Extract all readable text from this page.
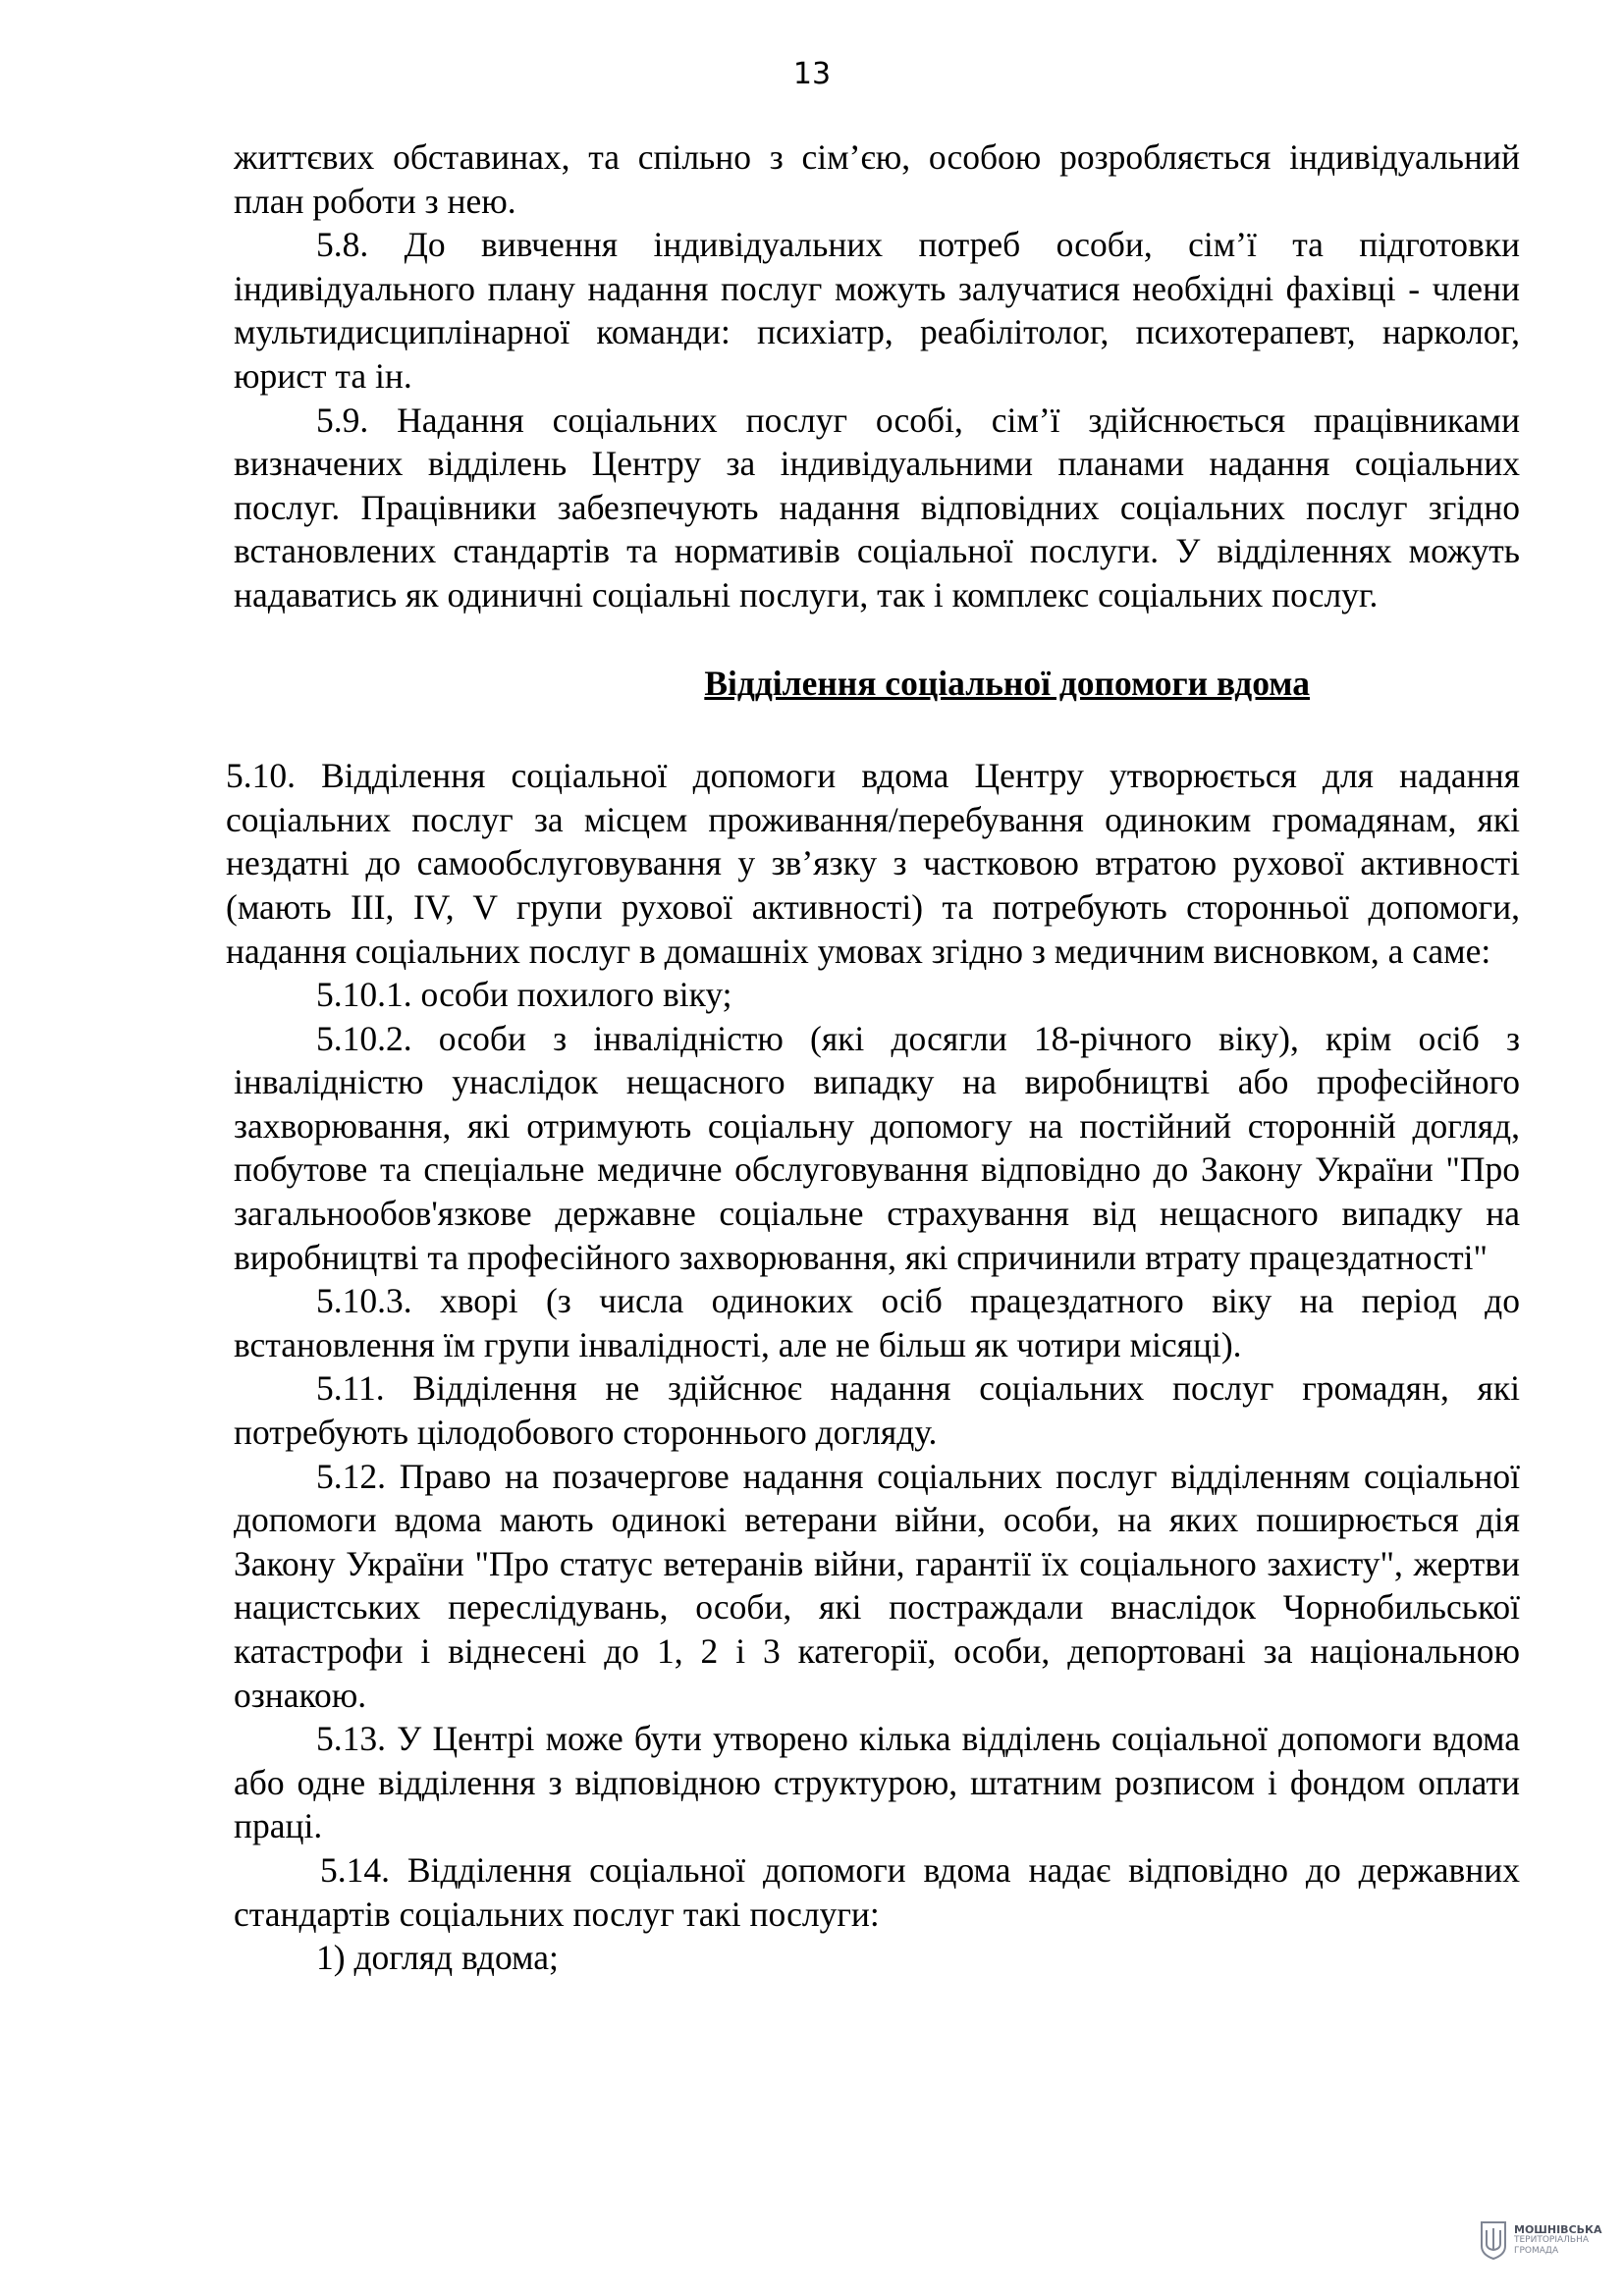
13

життєвих обставинах, та спільно з сім’єю, особою розробляється індивідуальний план роботи з нею.

5.8. До вивчення індивідуальних потреб особи, сім’ї та підготовки індивідуального плану надання послуг можуть залучатися необхідні фахівці - члени мультидисциплінарної команди: психіатр, реабілітолог, психотерапевт, нарколог, юрист та ін.

5.9. Надання соціальних послуг особі, сім’ї здійснюється працівниками визначених відділень Центру за індивідуальними планами надання соціальних послуг. Працівники забезпечують надання відповідних соціальних послуг згідно встановлених стандартів та нормативів соціальної послуги. У відділеннях можуть надаватись як одиничні соціальні послуги, так і комплекс соціальних послуг.

Відділення соціальної допомоги вдома

5.10. Відділення соціальної допомоги вдома Центру утворюється для надання соціальних послуг за місцем проживання/перебування одиноким громадянам, які нездатні до самообслуговування у зв’язку з частковою втратою рухової активності (мають III, IV, V групи рухової активності) та потребують сторонньої допомоги, надання соціальних послуг в домашніх умовах згідно з медичним висновком, а саме:

5.10.1. особи похилого віку;

5.10.2. особи з інвалідністю (які досягли 18-річного віку), крім осіб з інвалідністю унаслідок нещасного випадку на виробництві або професійного захворювання, які отримують соціальну допомогу на постійний сторонній догляд, побутове та спеціальне медичне обслуговування відповідно до Закону України "Про загальнообов'язкове державне соціальне страхування від нещасного випадку на виробництві та професійного захворювання, які спричинили втрату працездатності"

5.10.3. хворі (з числа одиноких осіб працездатного віку на період до встановлення їм групи інвалідності, але не більш як чотири місяці).

5.11. Відділення не здійснює надання соціальних послуг громадян, які потребують цілодобового стороннього догляду.

5.12. Право на позачергове надання соціальних послуг відділенням соціальної допомоги вдома мають одинокі ветерани війни, особи, на яких поширюється дія Закону України "Про статус ветеранів війни, гарантії їх соціального захисту", жертви нацистських переслідувань, особи, які постраждали внаслідок Чорнобильської катастрофи і віднесені до 1, 2 і 3 категорії, особи, депортовані за національною ознакою.

5.13. У Центрі може бути утворено кілька відділень соціальної допомоги вдома або одне відділення з відповідною структурою, штатним розписом і фондом оплати праці.

5.14. Відділення соціальної допомоги вдома надає відповідно до державних стандартів соціальних послуг такі послуги:

1) догляд вдома;

МОШНІВСЬКА
ТЕРИТОРІАЛЬНА
ГРОМАДА
